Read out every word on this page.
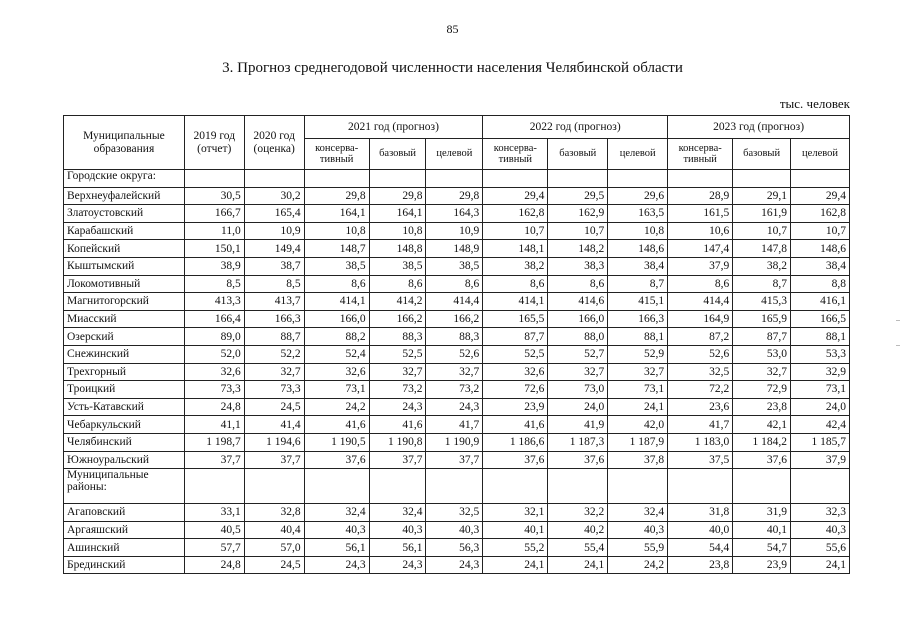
85
3. Прогноз среднегодовой численности населения Челябинской области
тыс. человек
Муниципальные образования	2019 год (отчет)	2020 год (оценка)	2021 год (прогноз)			2022 год (прогноз)			2023 год (прогноз)		
			консерва-тивный	базовый	целевой	консерва-тивный	базовый	целевой	консерва-тивный	базовый	целевой
Городские округа:											
Верхнеуфалейский	30,5	30,2	29,8	29,8	29,8	29,4	29,5	29,6	28,9	29,1	29,4
Златоустовский	166,7	165,4	164,1	164,1	164,3	162,8	162,9	163,5	161,5	161,9	162,8
Карабашский	11,0	10,9	10,8	10,8	10,9	10,7	10,7	10,8	10,6	10,7	10,7
Копейский	150,1	149,4	148,7	148,8	148,9	148,1	148,2	148,6	147,4	147,8	148,6
Кыштымский	38,9	38,7	38,5	38,5	38,5	38,2	38,3	38,4	37,9	38,2	38,4
Локомотивный	8,5	8,5	8,6	8,6	8,6	8,6	8,6	8,7	8,6	8,7	8,8
Магнитогорский	413,3	413,7	414,1	414,2	414,4	414,1	414,6	415,1	414,4	415,3	416,1
Миасский	166,4	166,3	166,0	166,2	166,2	165,5	166,0	166,3	164,9	165,9	166,5
Озерский	89,0	88,7	88,2	88,3	88,3	87,7	88,0	88,1	87,2	87,7	88,1
Снежинский	52,0	52,2	52,4	52,5	52,6	52,5	52,7	52,9	52,6	53,0	53,3
Трехгорный	32,6	32,7	32,6	32,7	32,7	32,6	32,7	32,7	32,5	32,7	32,9
Троицкий	73,3	73,3	73,1	73,2	73,2	72,6	73,0	73,1	72,2	72,9	73,1
Усть-Катавский	24,8	24,5	24,2	24,3	24,3	23,9	24,0	24,1	23,6	23,8	24,0
Чебаркульский	41,1	41,4	41,6	41,6	41,7	41,6	41,9	42,0	41,7	42,1	42,4
Челябинский	1 198,7	1 194,6	1 190,5	1 190,8	1 190,9	1 186,6	1 187,3	1 187,9	1 183,0	1 184,2	1 185,7
Южноуральский	37,7	37,7	37,6	37,7	37,7	37,6	37,6	37,8	37,5	37,6	37,9
Муниципальные районы:											
Агаповский	33,1	32,8	32,4	32,4	32,5	32,1	32,2	32,4	31,8	31,9	32,3
Аргаяшский	40,5	40,4	40,3	40,3	40,3	40,1	40,2	40,3	40,0	40,1	40,3
Ашинский	57,7	57,0	56,1	56,1	56,3	55,2	55,4	55,9	54,4	54,7	55,6
Брединский	24,8	24,5	24,3	24,3	24,3	24,1	24,1	24,2	23,8	23,9	24,1
